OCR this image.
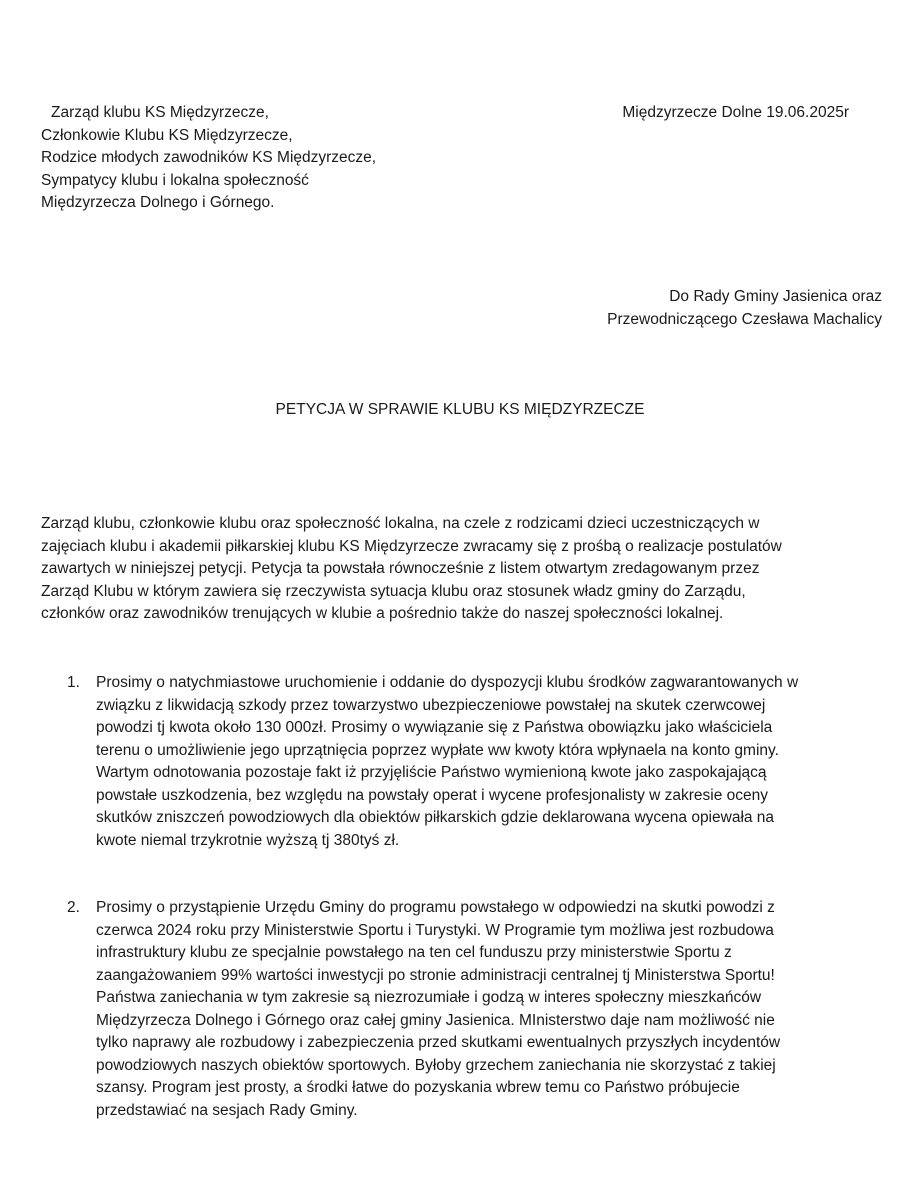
Zarząd klubu KS Międzyrzecze,
Członkowie Klubu KS Międzyrzecze,
Rodzice młodych zawodników KS Międzyrzecze,
Sympatycy klubu i lokalna społeczność
Międzyrzecza Dolnego i Górnego.
Międzyrzecze Dolne 19.06.2025r
Do Rady Gminy Jasienica oraz
Przewodniczącego Czesława Machalicy
PETYCJA W SPRAWIE KLUBU KS MIĘDZYRZECZE
Zarząd klubu, członkowie klubu oraz społeczność lokalna, na czele z rodzicami dzieci uczestniczących w
zajęciach klubu i akademii piłkarskiej klubu KS Międzyrzecze zwracamy się z prośbą o realizacje postulatów
zawartych w niniejszej petycji. Petycja ta powstała równocześnie z listem otwartym zredagowanym przez
Zarząd Klubu w którym zawiera się rzeczywista sytuacja klubu oraz stosunek władz gminy do Zarządu,
członków oraz zawodników trenujących w klubie a pośrednio także do naszej społeczności lokalnej.
1. Prosimy o natychmiastowe uruchomienie i oddanie do dyspozycji klubu środków zagwarantowanych w
związku z likwidacją szkody przez towarzystwo ubezpieczeniowe powstałej na skutek czerwcowej
powodzi tj kwota około 130 000zł. Prosimy o wywiązanie się z Państwa obowiązku jako właściciela
terenu o umożliwienie jego uprzątnięcia poprzez wypłate ww kwoty która wpłynaela na konto gminy.
Wartym odnotowania pozostaje fakt iż przyjęliście Państwo wymienioną kwote jako zaspokajającą
powstałe uszkodzenia, bez względu na powstały operat i wycene profesjonalisty w zakresie oceny
skutków zniszczeń powodziowych dla obiektów piłkarskich gdzie deklarowana wycena opiewała na
kwote niemal trzykrotnie wyższą tj 380tyś zł.
2. Prosimy o przystąpienie Urzędu Gminy do programu powstałego w odpowiedzi na skutki powodzi z
czerwca 2024 roku przy Ministerstwie Sportu i Turystyki. W Programie tym możliwa jest rozbudowa
infrastruktury klubu ze specjalnie powstałego na ten cel funduszu przy ministerstwie Sportu z
zaangażowaniem 99% wartości inwestycji po stronie administracji centralnej tj Ministerstwa Sportu!
Państwa zaniechania w tym zakresie są niezrozumiałe i godzą w interes społeczny mieszkańców
Międzyrzecza Dolnego i Górnego oraz całej gminy Jasienica. MInisterstwo daje nam możliwość nie
tylko naprawy ale rozbudowy i zabezpieczenia przed skutkami ewentualnych przyszłych incydentów
powodziowych naszych obiektów sportowych. Byłoby grzechem zaniechania nie skorzystać z takiej
szansy. Program jest prosty, a środki łatwe do pozyskania wbrew temu co Państwo próbujecie
przedstawiać na sesjach Rady Gminy.
